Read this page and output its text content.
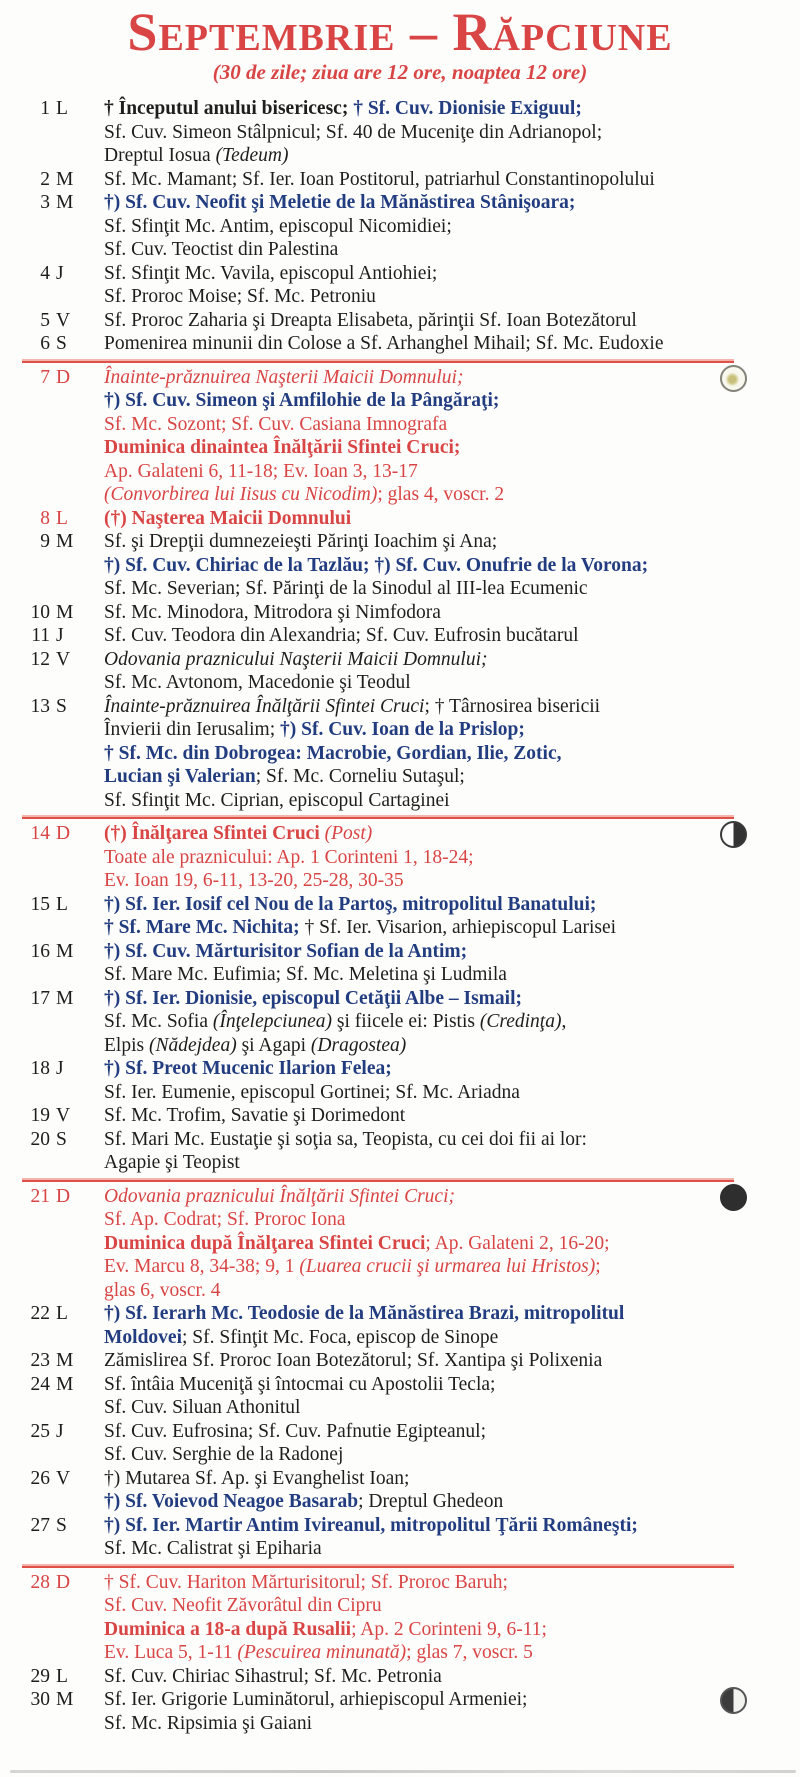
Septembrie – Răpciune
(30 de zile; ziua are 12 ore, noaptea 12 ore)
1 L	† Începutul anului bisericesc; † Sf. Cuv. Dionisie Exiguul;
Sf. Cuv. Simeon Stâlpnicul; Sf. 40 de Muceniţe din Adrianopol;
Dreptul Iosua (Tedeum)
2 M	Sf. Mc. Mamant; Sf. Ier. Ioan Postitorul, patriarhul Constantinopolului
3 M	†) Sf. Cuv. Neofit şi Meletie de la Mănăstirea Stânişoara;
Sf. Sfinţit Mc. Antim, episcopul Nicomidiei;
Sf. Cuv. Teoctist din Palestina
4 J	Sf. Sfinţit Mc. Vavila, episcopul Antiohiei;
Sf. Proroc Moise; Sf. Mc. Petroniu
5 V	Sf. Proroc Zaharia şi Dreapta Elisabeta, părinţii Sf. Ioan Botezătorul
6 S	Pomenirea minunii din Colose a Sf. Arhanghel Mihail; Sf. Mc. Eudoxie
7 D	Înainte-prăznuirea Naşterii Maicii Domnului;
†) Sf. Cuv. Simeon şi Amfilohie de la Pângăraţi;
Sf. Mc. Sozont; Sf. Cuv. Casiana Imnografa
Duminica dinaintea Înălţării Sfintei Cruci;
Ap. Galateni 6, 11-18; Ev. Ioan 3, 13-17
(Convorbirea lui Iisus cu Nicodim); glas 4, voscr. 2
8 L	(†) Naşterea Maicii Domnului
9 M	Sf. şi Drepţii dumnezeieşti Părinţi Ioachim şi Ana;
†) Sf. Cuv. Chiriac de la Tazlău; †) Sf. Cuv. Onufrie de la Vorona;
Sf. Mc. Severian; Sf. Părinţi de la Sinodul al III-lea Ecumenic
10 M	Sf. Mc. Minodora, Mitrodora şi Nimfodora
11 J	Sf. Cuv. Teodora din Alexandria; Sf. Cuv. Eufrosin bucătarul
12 V	Odovania praznicului Naşterii Maicii Domnului;
Sf. Mc. Avtonom, Macedonie şi Teodul
13 S	Înainte-prăznuirea Înălţării Sfintei Cruci; † Târnosirea bisericii
Învierii din Ierusalim; †) Sf. Cuv. Ioan de la Prislop;
† Sf. Mc. din Dobrogea: Macrobie, Gordian, Ilie, Zotic,
Lucian şi Valerian; Sf. Mc. Corneliu Sutaşul;
Sf. Sfinţit Mc. Ciprian, episcopul Cartaginei
14 D	(†) Înălţarea Sfintei Cruci (Post)
Toate ale praznicului: Ap. 1 Corinteni 1, 18-24;
Ev. Ioan 19, 6-11, 13-20, 25-28, 30-35
15 L	†) Sf. Ier. Iosif cel Nou de la Partoş, mitropolitul Banatului;
† Sf. Mare Mc. Nichita; † Sf. Ier. Visarion, arhiepiscopul Larisei
16 M	†) Sf. Cuv. Mărturisitor Sofian de la Antim;
Sf. Mare Mc. Eufimia; Sf. Mc. Meletina şi Ludmila
17 M	†) Sf. Ier. Dionisie, episcopul Cetăţii Albe – Ismail;
Sf. Mc. Sofia (Înţelepciunea) şi fiicele ei: Pistis (Credinţa),
Elpis (Nădejdea) şi Agapi (Dragostea)
18 J	†) Sf. Preot Mucenic Ilarion Felea;
Sf. Ier. Eumenie, episcopul Gortinei; Sf. Mc. Ariadna
19 V	Sf. Mc. Trofim, Savatie şi Dorimedont
20 S	Sf. Mari Mc. Eustaţie şi soţia sa, Teopista, cu cei doi fii ai lor:
Agapie şi Teopist
21 D	Odovania praznicului Înălţării Sfintei Cruci;
Sf. Ap. Codrat; Sf. Proroc Iona
Duminica după Înălţarea Sfintei Cruci; Ap. Galateni 2, 16-20;
Ev. Marcu 8, 34-38; 9, 1 (Luarea crucii şi urmarea lui Hristos);
glas 6, voscr. 4
22 L	†) Sf. Ierarh Mc. Teodosie de la Mănăstirea Brazi, mitropolitul
Moldovei; Sf. Sfinţit Mc. Foca, episcop de Sinope
23 M	Zămislirea Sf. Proroc Ioan Botezătorul; Sf. Xantipa şi Polixenia
24 M	Sf. întâia Muceniţă şi întocmai cu Apostolii Tecla;
Sf. Cuv. Siluan Athonitul
25 J	Sf. Cuv. Eufrosina; Sf. Cuv. Pafnutie Egipteanul;
Sf. Cuv. Serghie de la Radonej
26 V	†) Mutarea Sf. Ap. şi Evanghelist Ioan;
†) Sf. Voievod Neagoe Basarab; Dreptul Ghedeon
27 S	†) Sf. Ier. Martir Antim Ivireanul, mitropolitul Ţării Româneşti;
Sf. Mc. Calistrat şi Epiharia
28 D	† Sf. Cuv. Hariton Mărturisitorul; Sf. Proroc Baruh;
Sf. Cuv. Neofit Zăvorâtul din Cipru
Duminica a 18-a după Rusalii; Ap. 2 Corinteni 9, 6-11;
Ev. Luca 5, 1-11 (Pescuirea minunată); glas 7, voscr. 5
29 L	Sf. Cuv. Chiriac Sihastrul; Sf. Mc. Petronia
30 M	Sf. Ier. Grigorie Luminătorul, arhiepiscopul Armeniei;
Sf. Mc. Ripsimia şi Gaiani
